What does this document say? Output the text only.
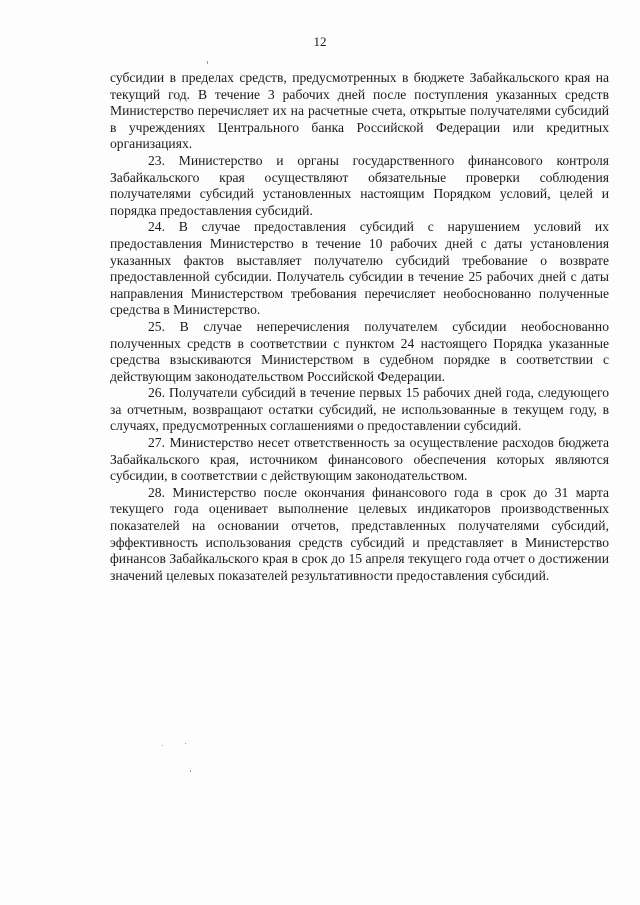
12

субсидии в пределах средств, предусмотренных в бюджете Забайкальского края на текущий год. В течение 3 рабочих дней после поступления указанных средств Министерство перечисляет их на расчетные счета, открытые получателями субсидий в учреждениях Центрального банка Российской Федерации или кредитных организациях.

23. Министерство и органы государственного финансового контроля Забайкальского края осуществляют обязательные проверки соблюдения получателями субсидий установленных настоящим Порядком условий, целей и порядка предоставления субсидий.

24. В случае предоставления субсидий с нарушением условий их предоставления Министерство в течение 10 рабочих дней с даты установления указанных фактов выставляет получателю субсидий требование о возврате предоставленной субсидии. Получатель субсидии в течение 25 рабочих дней с даты направления Министерством требования перечисляет необоснованно полученные средства в Министерство.

25. В случае неперечисления получателем субсидии необоснованно полученных средств в соответствии с пунктом 24 настоящего Порядка указанные средства взыскиваются Министерством в судебном порядке в соответствии с действующим законодательством Российской Федерации.

26. Получатели субсидий в течение первых 15 рабочих дней года, следующего за отчетным, возвращают остатки субсидий, не использованные в текущем году, в случаях, предусмотренных соглашениями о предоставлении субсидий.

27. Министерство несет ответственность за осуществление расходов бюджета Забайкальского края, источником финансового обеспечения которых являются субсидии, в соответствии с действующим законодательством.

28. Министерство после окончания финансового года в срок до 31 марта текущего года оценивает выполнение целевых индикаторов производственных показателей на основании отчетов, представленных получателями субсидий, эффективность использования средств субсидий и представляет в Министерство финансов Забайкальского края в срок до 15 апреля текущего года отчет о достижении значений целевых показателей результативности предоставления субсидий.
